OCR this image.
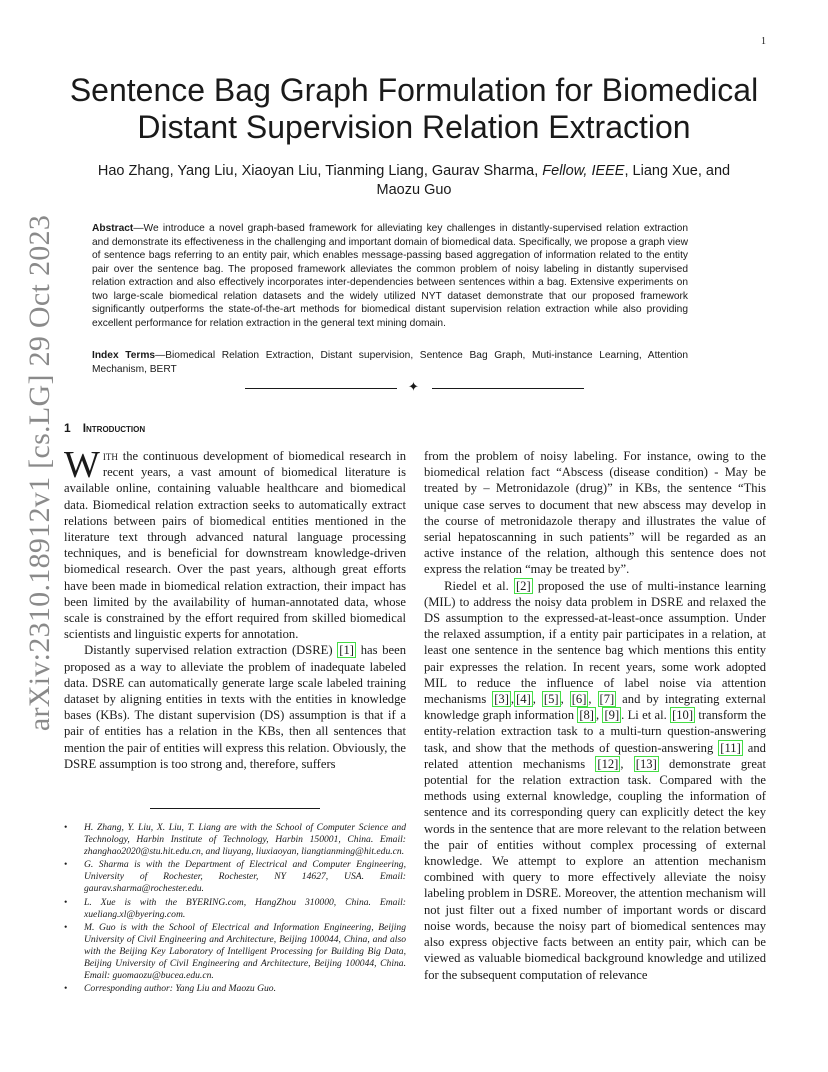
1
arXiv:2310.18912v1 [cs.LG] 29 Oct 2023
Sentence Bag Graph Formulation for Biomedical Distant Supervision Relation Extraction
Hao Zhang, Yang Liu, Xiaoyan Liu, Tianming Liang, Gaurav Sharma, Fellow, IEEE, Liang Xue, and Maozu Guo
Abstract—We introduce a novel graph-based framework for alleviating key challenges in distantly-supervised relation extraction and demonstrate its effectiveness in the challenging and important domain of biomedical data. Specifically, we propose a graph view of sentence bags referring to an entity pair, which enables message-passing based aggregation of information related to the entity pair over the sentence bag. The proposed framework alleviates the common problem of noisy labeling in distantly supervised relation extraction and also effectively incorporates inter-dependencies between sentences within a bag. Extensive experiments on two large-scale biomedical relation datasets and the widely utilized NYT dataset demonstrate that our proposed framework significantly outperforms the state-of-the-art methods for biomedical distant supervision relation extraction while also providing excellent performance for relation extraction in the general text mining domain.
Index Terms—Biomedical Relation Extraction, Distant supervision, Sentence Bag Graph, Muti-instance Learning, Attention Mechanism, BERT
✦
1 Introduction

With the continuous development of biomedical research in recent years, a vast amount of biomedical literature is available online, containing valuable healthcare and biomedical data. Biomedical relation extraction seeks to automatically extract relations between pairs of biomedical entities mentioned in the literature text through advanced natural language processing techniques, and is beneficial for downstream knowledge-driven biomedical research. Over the past years, although great efforts have been made in biomedical relation extraction, their impact has been limited by the availability of human-annotated data, whose scale is constrained by the effort required from skilled biomedical scientists and linguistic experts for annotation.

Distantly supervised relation extraction (DSRE) [1] has been proposed as a way to alleviate the problem of inadequate labeled data. DSRE can automatically generate large scale labeled training dataset by aligning entities in texts with the entities in knowledge bases (KBs). The distant supervision (DS) assumption is that if a pair of entities has a relation in the KBs, then all sentences that mention the pair of entities will express this relation. Obviously, the DSRE assumption is too strong and, therefore, suffers

from the problem of noisy labeling. For instance, owing to the biomedical relation fact “Abscess (disease condition) - May be treated by – Metronidazole (drug)” in KBs, the sentence “This unique case serves to document that new abscess may develop in the course of metronidazole therapy and illustrates the value of serial hepatoscanning in such patients” will be regarded as an active instance of the relation, although this sentence does not express the relation “may be treated by”.

Riedel et al. [2] proposed the use of multi-instance learning (MIL) to address the noisy data problem in DSRE and relaxed the DS assumption to the expressed-at-least-once assumption. Under the relaxed assumption, if a entity pair participates in a relation, at least one sentence in the sentence bag which mentions this entity pair expresses the relation. In recent years, some work adopted MIL to reduce the influence of label noise via attention mechanisms [3] , [4] , [5] , [6] , [7] and by integrating external knowledge graph information [8] , [9] . Li et al. [10] transform the entity-relation extraction task to a multi-turn question-answering task, and show that the methods of question-answering [11] and related attention mechanisms [12] , [13] demonstrate great potential for the relation extraction task. Compared with the methods using external knowledge, coupling the information of sentence and its corresponding query can explicitly detect the key words in the sentence that are more relevant to the relation between the pair of entities without complex processing of external knowledge. We attempt to explore an attention mechanism combined with query to more effectively alleviate the noisy labeling problem in DSRE. Moreover, the attention mechanism will not just filter out a fixed number of important words or discard noise words, because the noisy part of biomedical sentences may also express objective facts between an entity pair, which can be viewed as valuable biomedical background knowledge and utilized for the subsequent computation of relevance

• H. Zhang, Y. Liu, X. Liu, T. Liang are with the School of Computer Science and Technology, Harbin Institute of Technology, Harbin 150001, China. Email: zhanghao2020@stu.hit.edu.cn, and liuyang, liuxiaoyan, liangtianming@hit.edu.cn.
• G. Sharma is with the Department of Electrical and Computer Engineering, University of Rochester, Rochester, NY 14627, USA. Email: gaurav.sharma@rochester.edu.
• L. Xue is with the BYERING.com, HangZhou 310000, China. Email: xueliang.xl@byering.com.
• M. Guo is with the School of Electrical and Information Engineering, Beijing University of Civil Engineering and Architecture, Beijing 100044, China, and also with the Beijing Key Laboratory of Intelligent Processing for Building Big Data, Beijing University of Civil Engineering and Architecture, Beijing 100044, China. Email: guomaozu@bucea.edu.cn.
• Corresponding author: Yang Liu and Maozu Guo.
